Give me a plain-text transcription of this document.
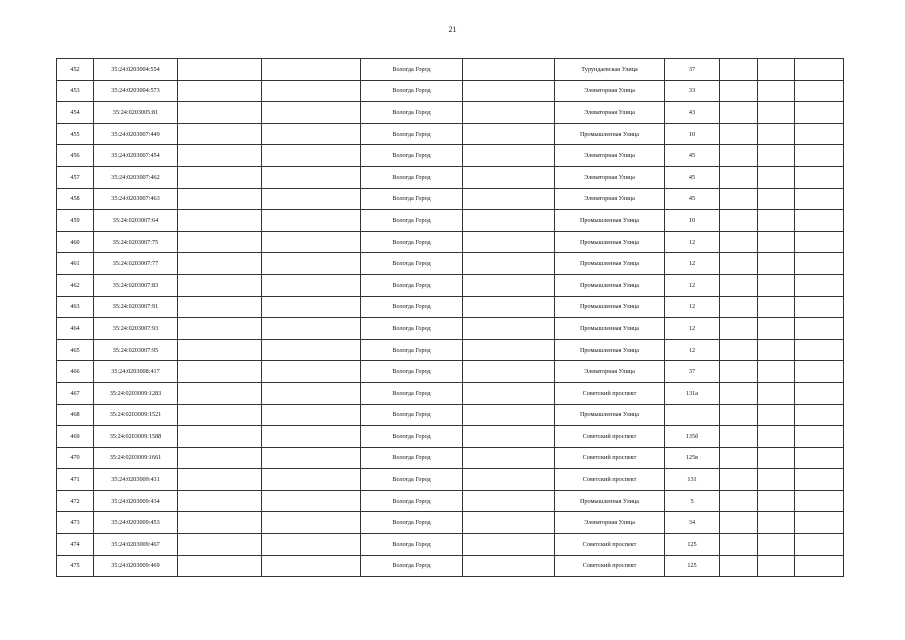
21
452	35:24:0203004:554			Вологда Город		Турундаевская Улица	37			
453	35:24:0203004:573			Вологда Город		Элеваторная Улица	33			
454	35:24:0203005:81			Вологда Город		Элеваторная Улица	43			
455	35:24:0203007:449			Вологда Город		Промышленная Улица	10			
456	35:24:0203007:454			Вологда Город		Элеваторная Улица	45			
457	35:24:0203007:462			Вологда Город		Элеваторная Улица	45			
458	35:24:0203007:463			Вологда Город		Элеваторная Улица	45			
459	35:24:0203007:64			Вологда Город		Промышленная Улица	10			
460	35:24:0203007:75			Вологда Город		Промышленная Улица	12			
461	35:24:0203007:77			Вологда Город		Промышленная Улица	12			
462	35:24:0203007:83			Вологда Город		Промышленная Улица	12			
463	35:24:0203007:91			Вологда Город		Промышленная Улица	12			
464	35:24:0203007:93			Вологда Город		Промышленная Улица	12			
465	35:24:0203007:95			Вологда Город		Промышленная Улица	12			
466	35:24:0203008:417			Вологда Город		Элеваторная Улица	37			
467	35:24:0203009:1283			Вологда Город		Советский проспект	131а			
468	35:24:0203009:1521			Вологда Город		Промышленная Улица				
469	35:24:0203009:1588			Вологда Город		Советский проспект	135б			
470	35:24:0203009:1661			Вологда Город		Советский проспект	125в			
471	35:24:0203009:431			Вологда Город		Советский проспект	131			
472	35:24:0203009:434			Вологда Город		Промышленная Улица	5			
473	35:24:0203009:453			Вологда Город		Элеваторная Улица	34			
474	35:24:0203009:467			Вологда Город		Советский проспект	125			
475	35:24:0203009:469			Вологда Город		Советский проспект	125			
